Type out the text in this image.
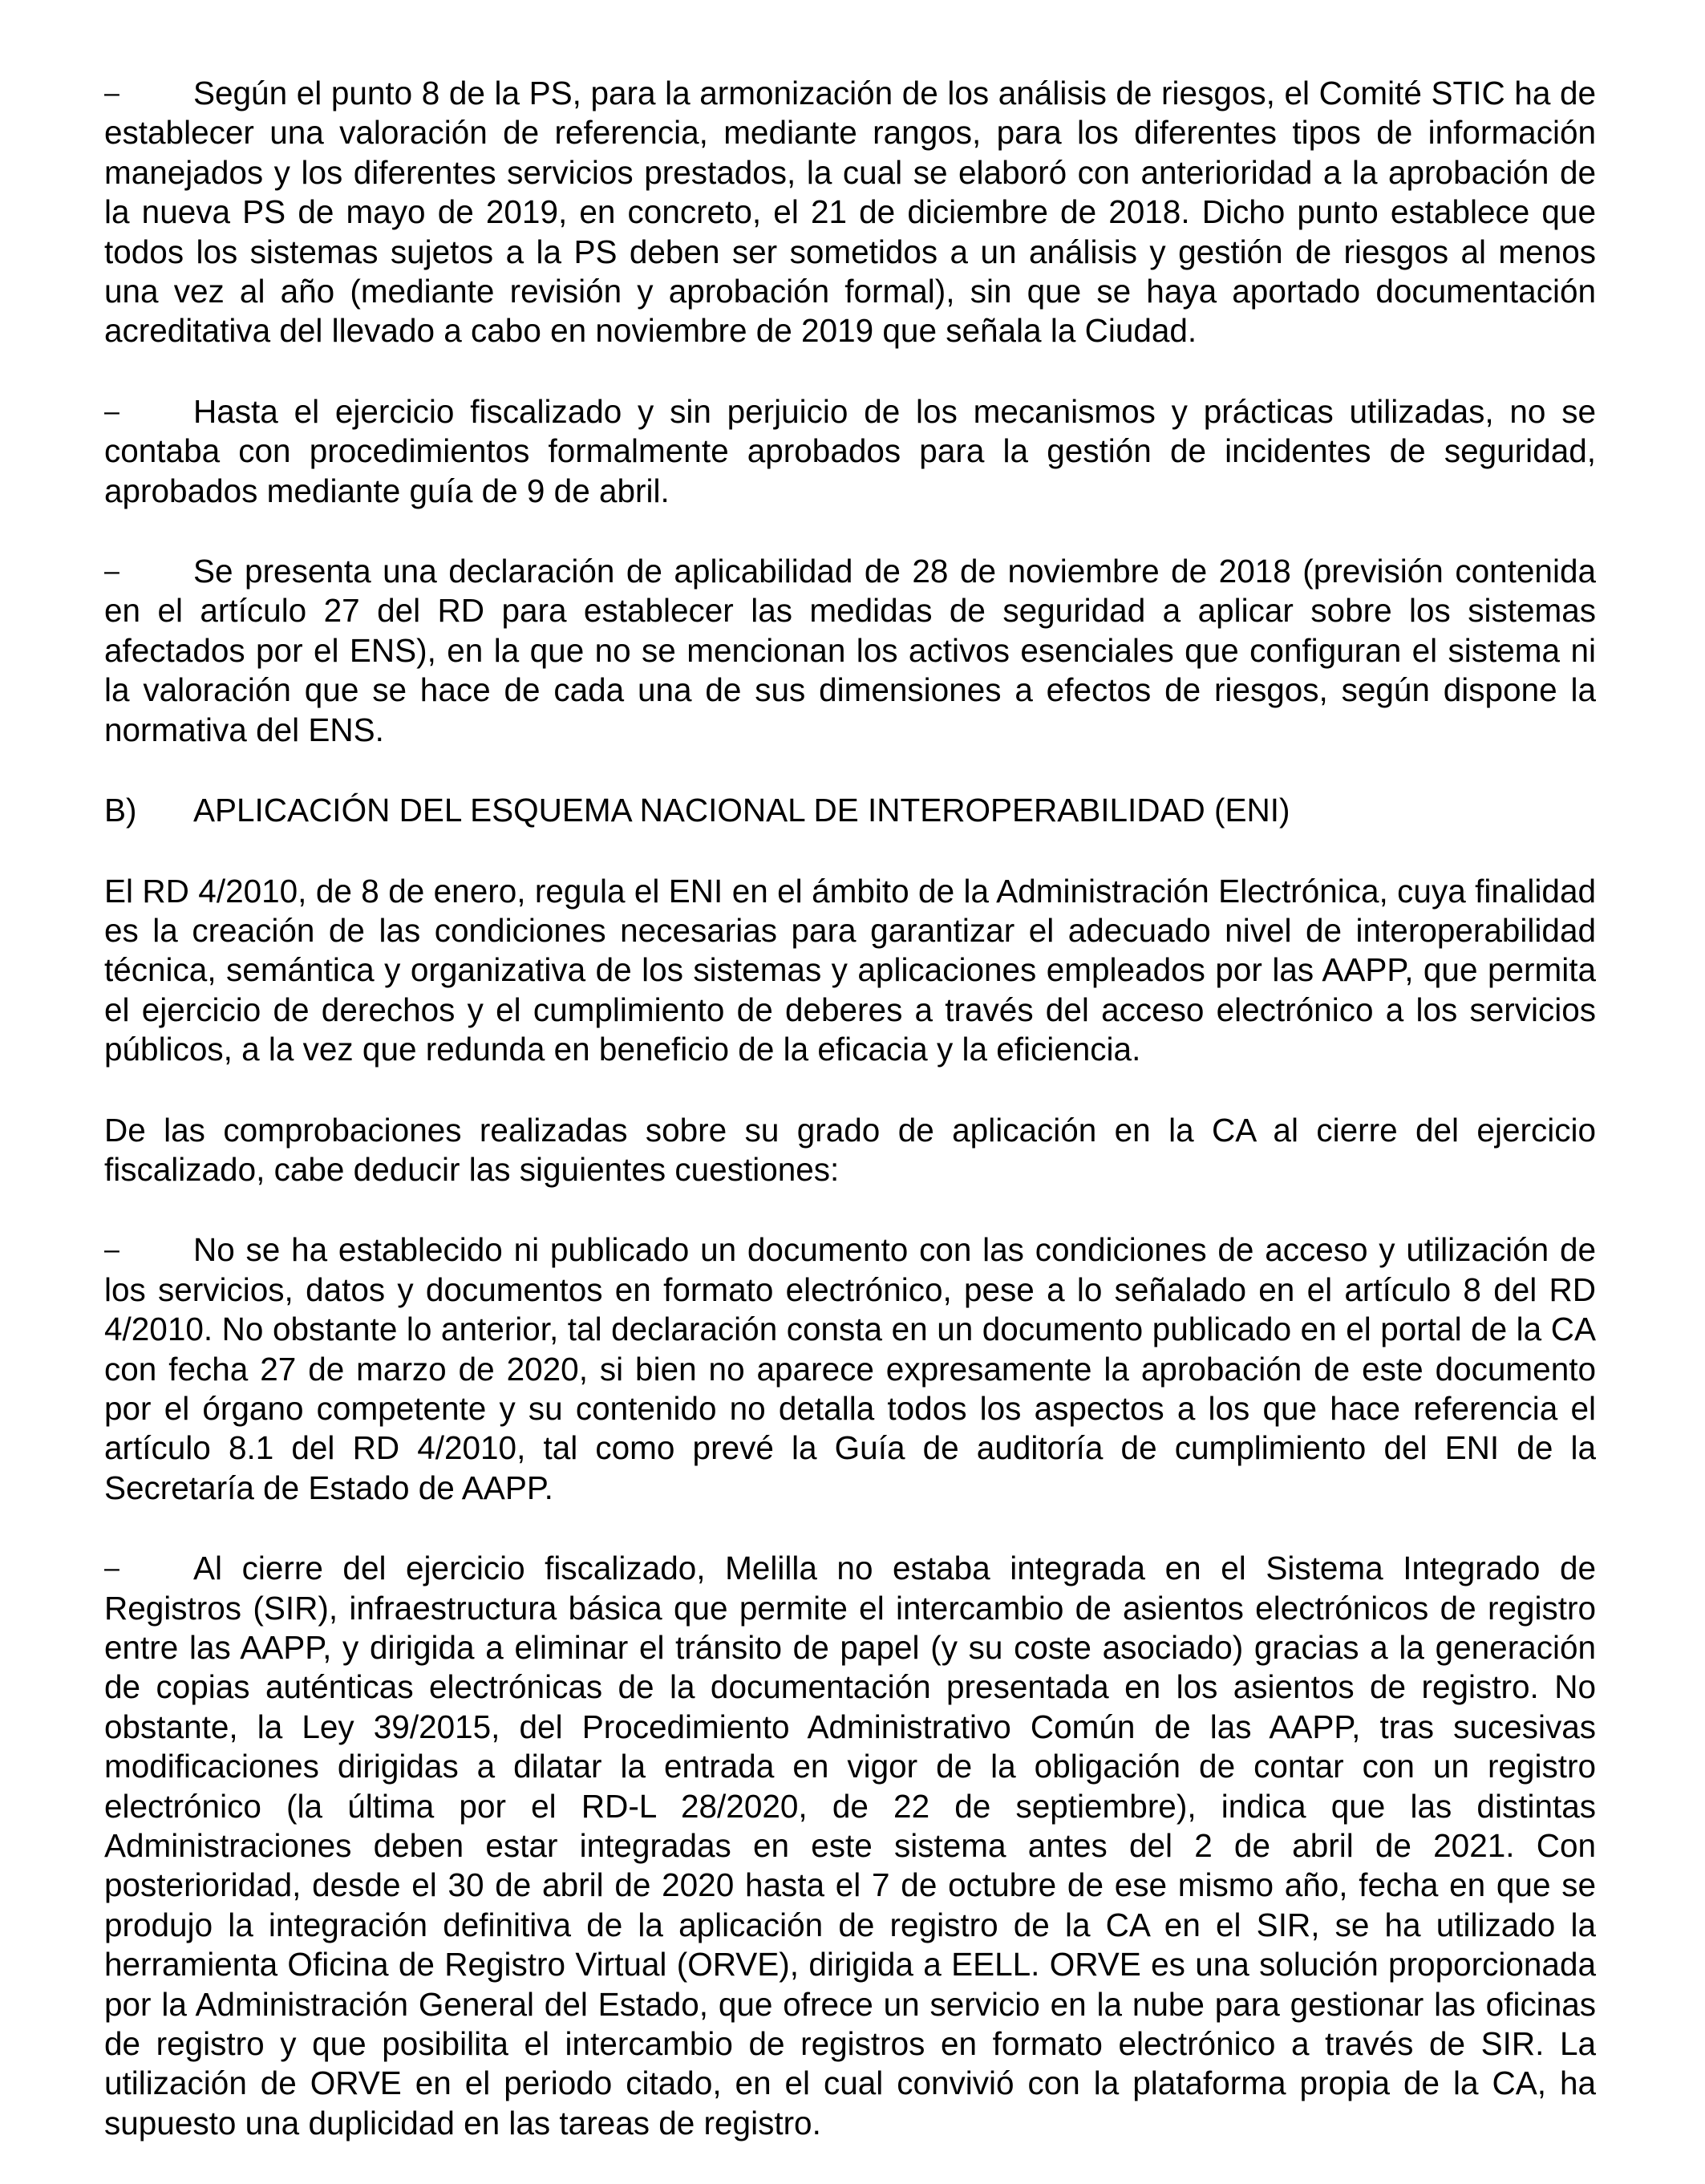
– Según el punto 8 de la PS, para la armonización de los análisis de riesgos, el Comité STIC ha de establecer una valoración de referencia, mediante rangos, para los diferentes tipos de información manejados y los diferentes servicios prestados, la cual se elaboró con anterioridad a la aprobación de la nueva PS de mayo de 2019, en concreto, el 21 de diciembre de 2018. Dicho punto establece que todos los sistemas sujetos a la PS deben ser sometidos a un análisis y gestión de riesgos al menos una vez al año (mediante revisión y aprobación formal), sin que se haya aportado documentación acreditativa del llevado a cabo en noviembre de 2019 que señala la Ciudad.

– Hasta el ejercicio fiscalizado y sin perjuicio de los mecanismos y prácticas utilizadas, no se contaba con procedimientos formalmente aprobados para la gestión de incidentes de seguridad, aprobados mediante guía de 9 de abril.

– Se presenta una declaración de aplicabilidad de 28 de noviembre de 2018 (previsión contenida en el artículo 27 del RD para establecer las medidas de seguridad a aplicar sobre los sistemas afectados por el ENS), en la que no se mencionan los activos esenciales que configuran el sistema ni la valoración que se hace de cada una de sus dimensiones a efectos de riesgos, según dispone la normativa del ENS.

B) APLICACIÓN DEL ESQUEMA NACIONAL DE INTEROPERABILIDAD (ENI)

El RD 4/2010, de 8 de enero, regula el ENI en el ámbito de la Administración Electrónica, cuya finalidad es la creación de las condiciones necesarias para garantizar el adecuado nivel de interoperabilidad técnica, semántica y organizativa de los sistemas y aplicaciones empleados por las AAPP, que permita el ejercicio de derechos y el cumplimiento de deberes a través del acceso electrónico a los servicios públicos, a la vez que redunda en beneficio de la eficacia y la eficiencia.

De las comprobaciones realizadas sobre su grado de aplicación en la CA al cierre del ejercicio fiscalizado, cabe deducir las siguientes cuestiones:

– No se ha establecido ni publicado un documento con las condiciones de acceso y utilización de los servicios, datos y documentos en formato electrónico, pese a lo señalado en el artículo 8 del RD 4/2010. No obstante lo anterior, tal declaración consta en un documento publicado en el portal de la CA con fecha 27 de marzo de 2020, si bien no aparece expresamente la aprobación de este documento por el órgano competente y su contenido no detalla todos los aspectos a los que hace referencia el artículo 8.1 del RD 4/2010, tal como prevé la Guía de auditoría de cumplimiento del ENI de la Secretaría de Estado de AAPP.

– Al cierre del ejercicio fiscalizado, Melilla no estaba integrada en el Sistema Integrado de Registros (SIR), infraestructura básica que permite el intercambio de asientos electrónicos de registro entre las AAPP, y dirigida a eliminar el tránsito de papel (y su coste asociado) gracias a la generación de copias auténticas electrónicas de la documentación presentada en los asientos de registro. No obstante, la Ley 39/2015, del Procedimiento Administrativo Común de las AAPP, tras sucesivas modificaciones dirigidas a dilatar la entrada en vigor de la obligación de contar con un registro electrónico (la última por el RD-L 28/2020, de 22 de septiembre), indica que las distintas Administraciones deben estar integradas en este sistema antes del 2 de abril de 2021. Con posterioridad, desde el 30 de abril de 2020 hasta el 7 de octubre de ese mismo año, fecha en que se produjo la integración definitiva de la aplicación de registro de la CA en el SIR, se ha utilizado la herramienta Oficina de Registro Virtual (ORVE), dirigida a EELL. ORVE es una solución proporcionada por la Administración General del Estado, que ofrece un servicio en la nube para gestionar las oficinas de registro y que posibilita el intercambio de registros en formato electrónico a través de SIR. La utilización de ORVE en el periodo citado, en el cual convivió con la plataforma propia de la CA, ha supuesto una duplicidad en las tareas de registro.
